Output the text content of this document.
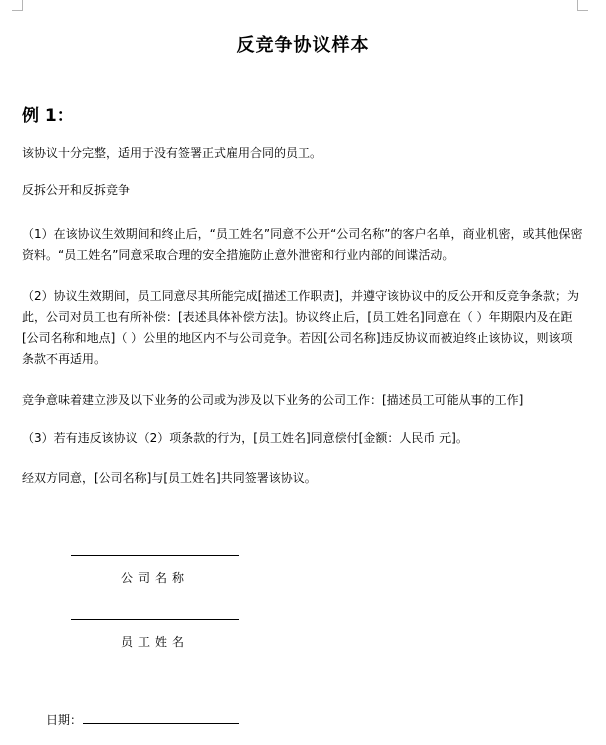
反竞争协议样本
例 1：

该协议十分完整，适用于没有签署正式雇用合同的员工。

反拆公开和反拆竞争

（1）在该协议生效期间和终止后，“员工姓名”同意不公开“公司名称”的客户名单，商业机密，或其他保密资料。“员工姓名”同意采取合理的安全措施防止意外泄密和行业内部的间谍活动。

（2）协议生效期间，员工同意尽其所能完成[描述工作职责]，并遵守该协议中的反公开和反竞争条款；为此，公司对员工也有所补偿：[表述具体补偿方法]。协议终止后，[员工姓名]同意在（ ）年期限内及在距[公司名称和地点]（ ）公里的地区内不与公司竞争。若因[公司名称]违反协议而被迫终止该协议，则该项条款不再适用。

竞争意味着建立涉及以下业务的公司或为涉及以下业务的公司工作：[描述员工可能从事的工作]

（3）若有违反该协议（2）项条款的行为，[员工姓名]同意偿付[金额：人民币 元]。

经双方同意，[公司名称]与[员工姓名]共同签署该协议。

公司名称
员工姓名
日期：
